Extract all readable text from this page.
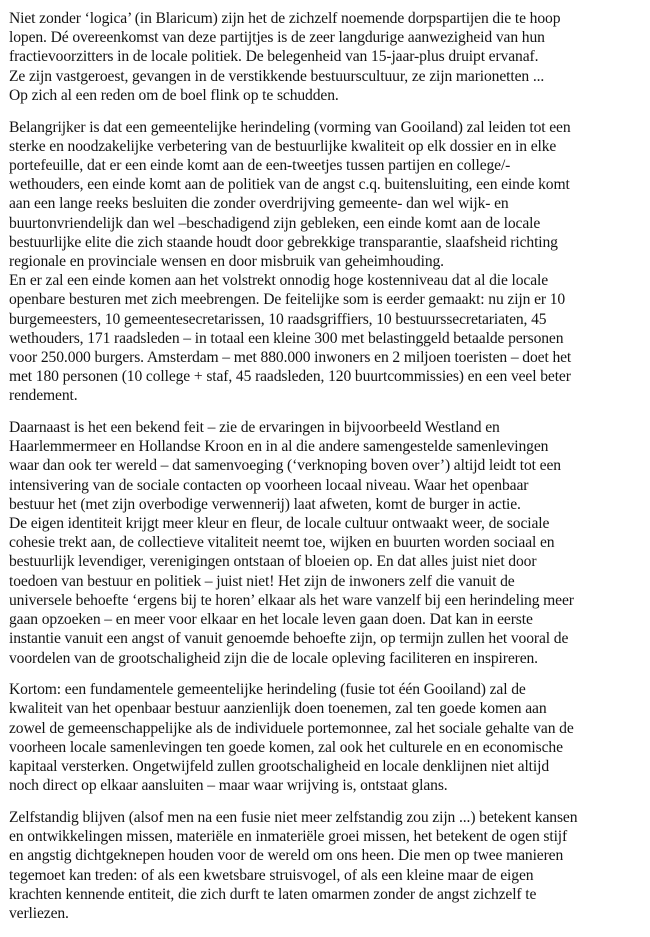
Niet zonder ‘logica’ (in Blaricum) zijn het de zichzelf noemende dorpspartijen die te hoop
lopen. Dé overeenkomst van deze partijtjes is de zeer langdurige aanwezigheid van hun
fractievoorzitters in de locale politiek. De belegenheid van 15-jaar-plus druipt ervanaf.
Ze zijn vastgeroest, gevangen in de verstikkende bestuurscultuur, ze zijn marionetten ...
Op zich al een reden om de boel flink op te schudden.
Belangrijker is dat een gemeentelijke herindeling (vorming van Gooiland) zal leiden tot een
sterke en noodzakelijke verbetering van de bestuurlijke kwaliteit op elk dossier en in elke
portefeuille, dat er een einde komt aan de een-tweetjes tussen partijen en college/-
wethouders, een einde komt aan de politiek van de angst c.q. buitensluiting, een einde komt
aan een lange reeks besluiten die zonder overdrijving gemeente- dan wel wijk- en
buurtonvriendelijk dan wel –beschadigend zijn gebleken, een einde komt aan de locale
bestuurlijke elite die zich staande houdt door gebrekkige transparantie, slaafsheid richting
regionale en provinciale wensen en door misbruik van geheimhouding.
En er zal een einde komen aan het volstrekt onnodig hoge kostenniveau dat al die locale
openbare besturen met zich meebrengen. De feitelijke som is eerder gemaakt: nu zijn er 10
burgemeesters, 10 gemeentesecretarissen, 10 raadsgriffiers, 10 bestuurssecretariaten, 45
wethouders, 171 raadsleden – in totaal een kleine 300 met belastinggeld betaalde personen
voor 250.000 burgers. Amsterdam – met 880.000 inwoners en 2 miljoen toeristen – doet het
met 180 personen (10 college + staf, 45 raadsleden, 120 buurtcommissies) en een veel beter
rendement.
Daarnaast is het een bekend feit – zie de ervaringen in bijvoorbeeld Westland en
Haarlemmermeer en Hollandse Kroon en in al die andere samengestelde samenlevingen
waar dan ook ter wereld – dat samenvoeging (‘verknoping boven over’) altijd leidt tot een
intensivering van de sociale contacten op voorheen locaal niveau. Waar het openbaar
bestuur het (met zijn overbodige verwennerij) laat afweten, komt de burger in actie.
De eigen identiteit krijgt meer kleur en fleur, de locale cultuur ontwaakt weer, de sociale
cohesie trekt aan, de collectieve vitaliteit neemt toe, wijken en buurten worden sociaal en
bestuurlijk levendiger, verenigingen ontstaan of bloeien op. En dat alles juist niet door
toedoen van bestuur en politiek – juist niet! Het zijn de inwoners zelf die vanuit de
universele behoefte ‘ergens bij te horen’ elkaar als het ware vanzelf bij een herindeling meer
gaan opzoeken – en meer voor elkaar en het locale leven gaan doen. Dat kan in eerste
instantie vanuit een angst of vanuit genoemde behoefte zijn, op termijn zullen het vooral de
voordelen van de grootschaligheid zijn die de locale opleving faciliteren en inspireren.
Kortom: een fundamentele gemeentelijke herindeling (fusie tot één Gooiland) zal de
kwaliteit van het openbaar bestuur aanzienlijk doen toenemen, zal ten goede komen aan
zowel de gemeenschappelijke als de individuele portemonnee, zal het sociale gehalte van de
voorheen locale samenlevingen ten goede komen, zal ook het culturele en en economische
kapitaal versterken. Ongetwijfeld zullen grootschaligheid en locale denklijnen niet altijd
noch direct op elkaar aansluiten – maar waar wrijving is, ontstaat glans.
Zelfstandig blijven (alsof men na een fusie niet meer zelfstandig zou zijn ...) betekent kansen
en ontwikkelingen missen, materiële en inmateriële groei missen, het betekent de ogen stijf
en angstig dichtgeknepen houden voor de wereld om ons heen. Die men op twee manieren
tegemoet kan treden: of als een kwetsbare struisvogel, of als een kleine maar de eigen
krachten kennende entiteit, die zich durft te laten omarmen zonder de angst zichzelf te
verliezen.
